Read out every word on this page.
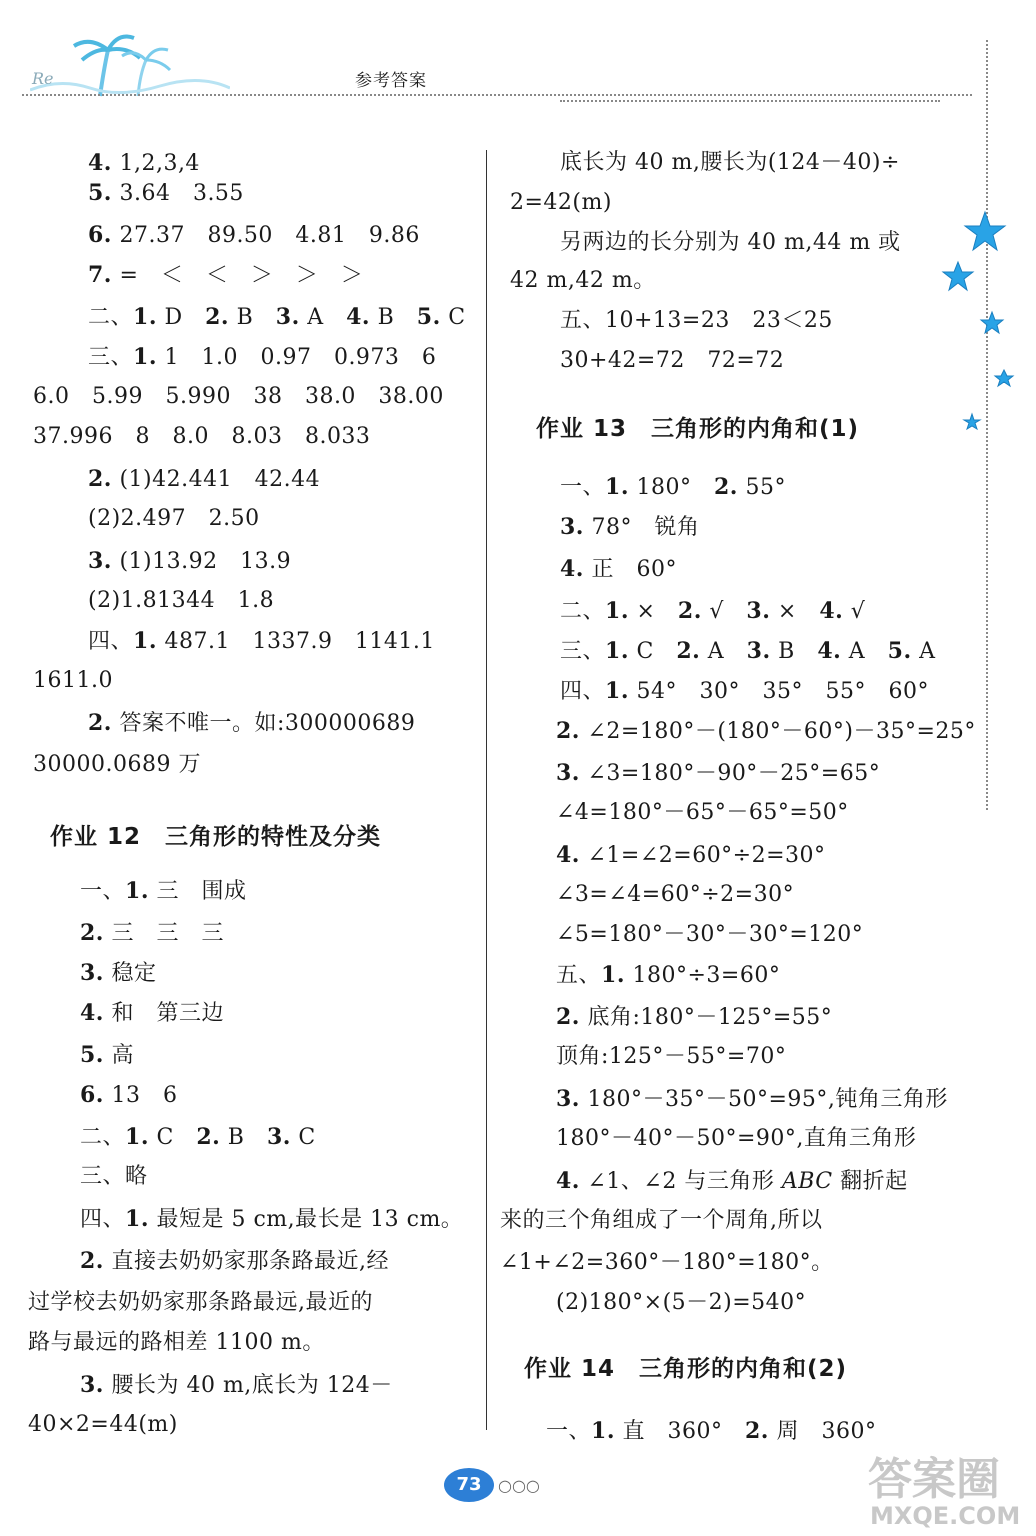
Re	参考答案
4. 1,2,3,4
5. 3.64　3.55
6. 27.37　89.50　4.81　9.86
7. =　＜　＜　＞　＞　＞
二、1. D　2. B　3. A　4. B　5. C
三、1. 1　1.0　0.97　0.973　6
6.0　5.99　5.990　38　38.0　38.00
37.996　8　8.0　8.03　8.033
2. (1)42.441　42.44
(2)2.497　2.50
3. (1)13.92　13.9
(2)1.81344　1.8
四、1. 487.1　1337.9　1141.1
1611.0
2. 答案不唯一。如:300000689
30000.0689 万
一、1. 三　围成
2. 三　三　三
3. 稳定
4. 和　第三边
5. 高
6. 13　6
二、1. C　2. B　3. C
三、略
四、1. 最短是 5 cm,最长是 13 cm。
2. 直接去奶奶家那条路最近,经
过学校去奶奶家那条路最远,最近的
路与最远的路相差 1100 m。
3. 腰长为 40 m,底长为 124－
40×2=44(m)
底长为 40 m,腰长为(124－40)÷
2=42(m)
另两边的长分别为 40 m,44 m 或
42 m,42 m。
五、10+13=23　23＜25
30+42=72　72=72
一、1. 180°　2. 55°
3. 78°　锐角
4. 正　60°
二、1. ×　2. √　3. ×　4. √
三、1. C　2. A　3. B　4. A　5. A
四、1. 54°　30°　35°　55°　60°
2. ∠2=180°－(180°－60°)－35°=25°
3. ∠3=180°－90°－25°=65°
∠4=180°－65°－65°=50°
4. ∠1=∠2=60°÷2=30°
∠3=∠4=60°÷2=30°
∠5=180°－30°－30°=120°
五、1. 180°÷3=60°
2. 底角:180°－125°=55°
顶角:125°－55°=70°
3. 180°－35°－50°=95°,钝角三角形
180°－40°－50°=90°,直角三角形
4. ∠1、∠2 与三角形 ABC 翻折起
来的三个角组成了一个周角,所以
∠1+∠2=360°－180°=180°。
(2)180°×(5－2)=540°
一、1. 直　360°　2. 周　360°
作业 12　三角形的特性及分类
作业 13　三角形的内角和(1)
作业 14　三角形的内角和(2)
73	○○○	答案圈
MXQE.COM
